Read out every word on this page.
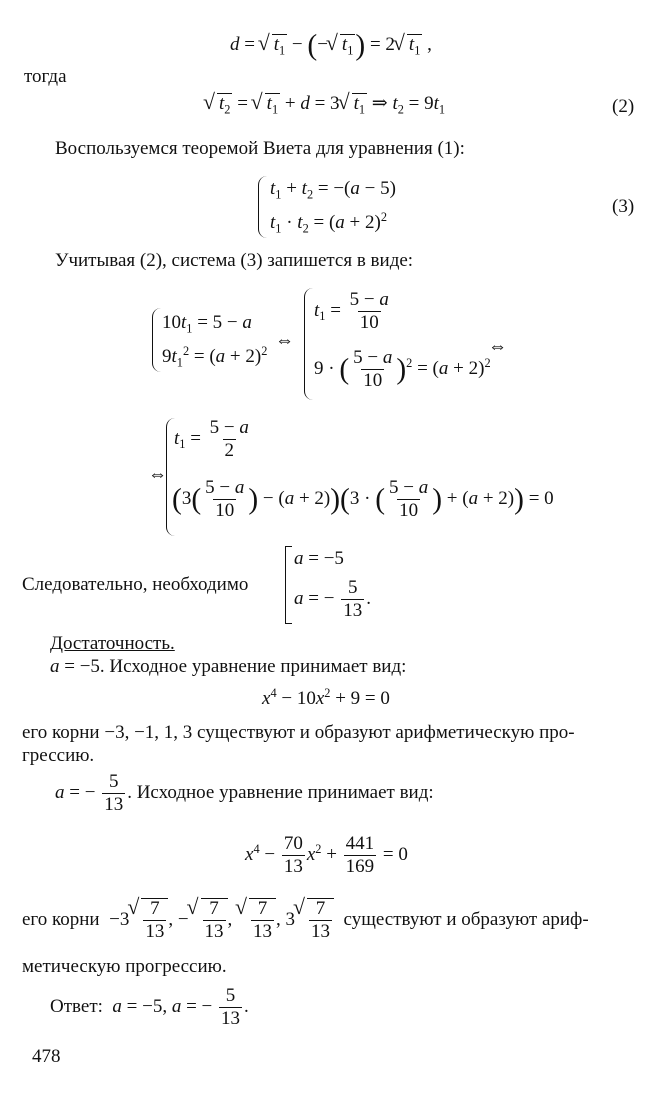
d = √ $t_1$ − (−√ $t_1) = 2√$ $t_1$ ,
тогда
√ $t_2$ = √ $t_1 + d = 3√$ $t_1$ ⇒ $t_2 = 9t_1$	(2)
Воспользуемся теоремой Виета для уравнения (1):
$t_1 + t_2 = -(a - 5)$
$t_1 \cdot t_2 = (a + 2)^2$
(3)
Учитывая (2), система (3) запишется в виде:
$10t_1 = 5 - a$
$9t_1^2 = (a + 2)^2$
⇔
$t_1 = \frac{5 - a}{10}$
9 · ( $\frac{5 - a}{10} )^2 = (a + 2)^2$
⇔
⇔
$t_1 = \frac{5 - a}{2}$
($3( \frac{5 - a}{10}$ ) − (a + 2))(3 · ( $\frac{5 - a}{10}$ ) + (a + 2)) = 0
Следовательно, необходимо
a = −5
a = − $\frac{5}{13}$ .
Достаточность.
a = −5. Исходное уравнение принимает вид:
$x^4 - 10x^2 + 9 = 0$
его корни −3, −1, 1, 3 существуют и образуют арифметическую про-
грессию.
a = − $\frac{5}{13}$ . Исходное уравнение принимает вид:
$x^4 - \frac{70}{13} x^2 + \frac{441}{169} = 0$
его корни  −3
√ $\frac{7}{13}$ , −
√ $\frac{7}{13}$ ,
√ $\frac{7}{13}$ , 3
√ $\frac{7}{13}$ существуют и образуют ариф-
метическую прогрессию.
Ответ:  a = −5, a = − $\frac{5}{13}$ .
478
